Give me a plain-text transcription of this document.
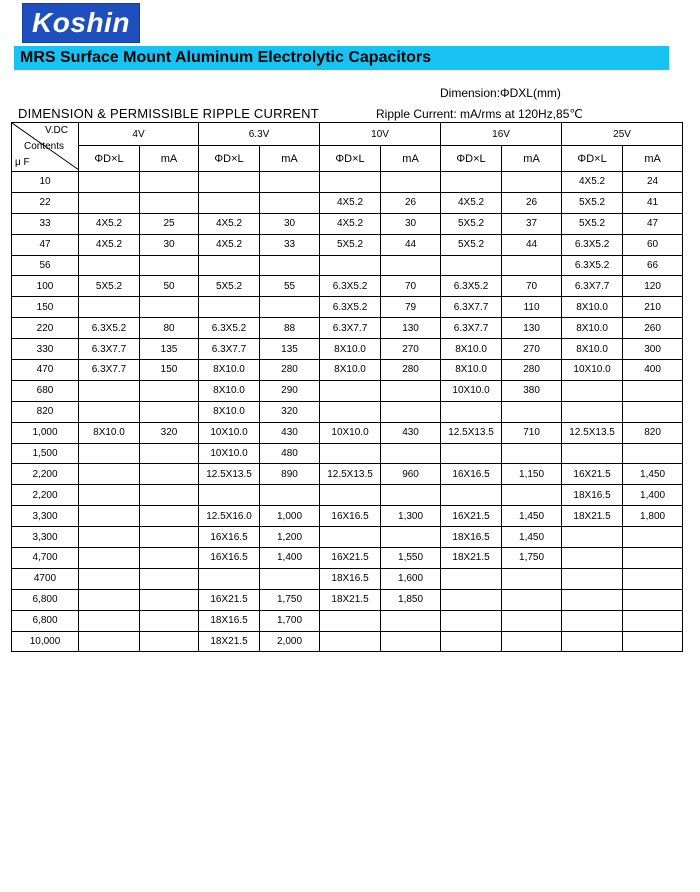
Koshin
MRS Surface Mount Aluminum Electrolytic Capacitors
Dimension:ΦDXL(mm)
DIMENSION & PERMISSIBLE RIPPLE CURRENT	Ripple Current: mA/rms at 120Hz,85℃
V.DC
Contents
μ F	4V		6.3V		10V		16V		25V	
	ΦD×L	mA	ΦD×L	mA	ΦD×L	mA	ΦD×L	mA	ΦD×L	mA
10									4X5.2	24
22					4X5.2	26	4X5.2	26	5X5.2	41
33	4X5.2	25	4X5.2	30	4X5.2	30	5X5.2	37	5X5.2	47
47	4X5.2	30	4X5.2	33	5X5.2	44	5X5.2	44	6.3X5.2	60
56									6.3X5.2	66
100	5X5.2	50	5X5.2	55	6.3X5.2	70	6.3X5.2	70	6.3X7.7	120
150					6.3X5.2	79	6.3X7.7	110	8X10.0	210
220	6.3X5.2	80	6.3X5.2	88	6.3X7.7	130	6.3X7.7	130	8X10.0	260
330	6.3X7.7	135	6.3X7.7	135	8X10.0	270	8X10.0	270	8X10.0	300
470	6.3X7.7	150	8X10.0	280	8X10.0	280	8X10.0	280	10X10.0	400
680			8X10.0	290			10X10.0	380		
820			8X10.0	320						
1,000	8X10.0	320	10X10.0	430	10X10.0	430	12.5X13.5	710	12.5X13.5	820
1,500			10X10.0	480						
2,200			12.5X13.5	890	12.5X13.5	960	16X16.5	1,150	16X21.5	1,450
2,200									18X16.5	1,400
3,300			12.5X16.0	1,000	16X16.5	1,300	16X21.5	1,450	18X21.5	1,800
3,300			16X16.5	1,200			18X16.5	1,450		
4,700			16X16.5	1,400	16X21.5	1,550	18X21.5	1,750		
4700					18X16.5	1,600				
6,800			16X21.5	1,750	18X21.5	1,850				
6,800			18X16.5	1,700						
10,000			18X21.5	2,000						
